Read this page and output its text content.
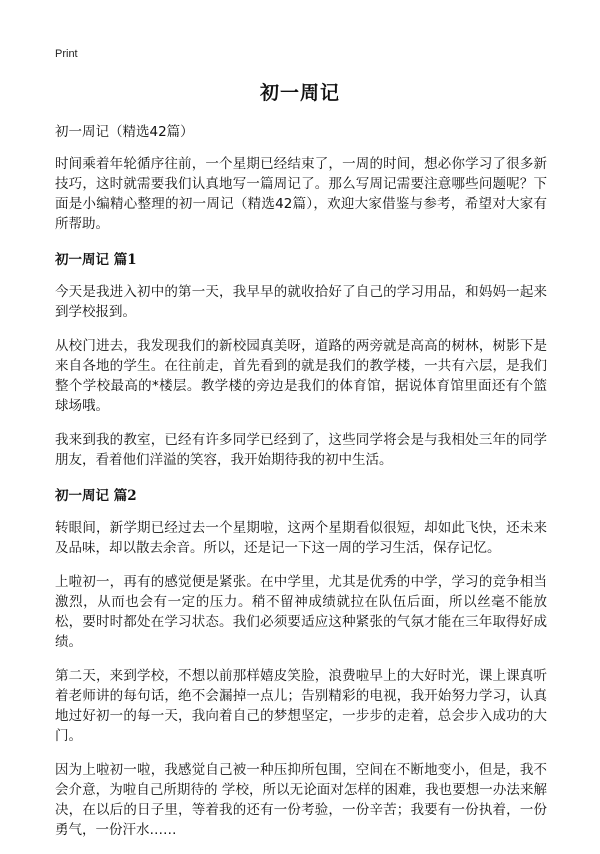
Print
初一周记
初一周记（精选42篇）

时间乘着年轮循序往前，一个星期已经结束了，一周的时间，想必你学习了很多新技巧，这时就需要我们认真地写一篇周记了。那么写周记需要注意哪些问题呢？下面是小编精心整理的初一周记（精选42篇），欢迎大家借鉴与参考，希望对大家有所帮助。

初一周记 篇1

今天是我进入初中的第一天，我早早的就收拾好了自己的学习用品，和妈妈一起来到学校报到。

从校门进去，我发现我们的新校园真美呀，道路的两旁就是高高的树林，树影下是来自各地的学生。在往前走，首先看到的就是我们的教学楼，一共有六层，是我们整个学校最高的*楼层。教学楼的旁边是我们的体育馆，据说体育馆里面还有个篮球场哦。

我来到我的教室，已经有许多同学已经到了，这些同学将会是与我相处三年的同学朋友，看着他们洋溢的笑容，我开始期待我的初中生活。

初一周记 篇2

转眼间，新学期已经过去一个星期啦，这两个星期看似很短，却如此飞快，还未来及品味，却以散去余音。所以，还是记一下这一周的学习生活，保存记忆。

上啦初一，再有的感觉便是紧张。在中学里，尤其是优秀的中学，学习的竞争相当激烈，从而也会有一定的压力。稍不留神成绩就拉在队伍后面，所以丝毫不能放松，要时时都处在学习状态。我们必须要适应这种紧张的气氛才能在三年取得好成绩。

第二天，来到学校，不想以前那样嬉皮笑脸，浪费啦早上的大好时光，课上课真听着老师讲的每句话，绝不会漏掉一点儿；告别精彩的电视，我开始努力学习，认真地过好初一的每一天，我向着自己的梦想坚定，一步步的走着，总会步入成功的大门。

因为上啦初一啦，我感觉自己被一种压抑所包围，空间在不断地变小，但是，我不会介意，为啦自己所期待的 学校，所以无论面对怎样的困难，我也要想一办法来解决，在以后的日子里，等着我的还有一份考验，一份辛苦；我要有一份执着，一份勇气，一份汗水……
